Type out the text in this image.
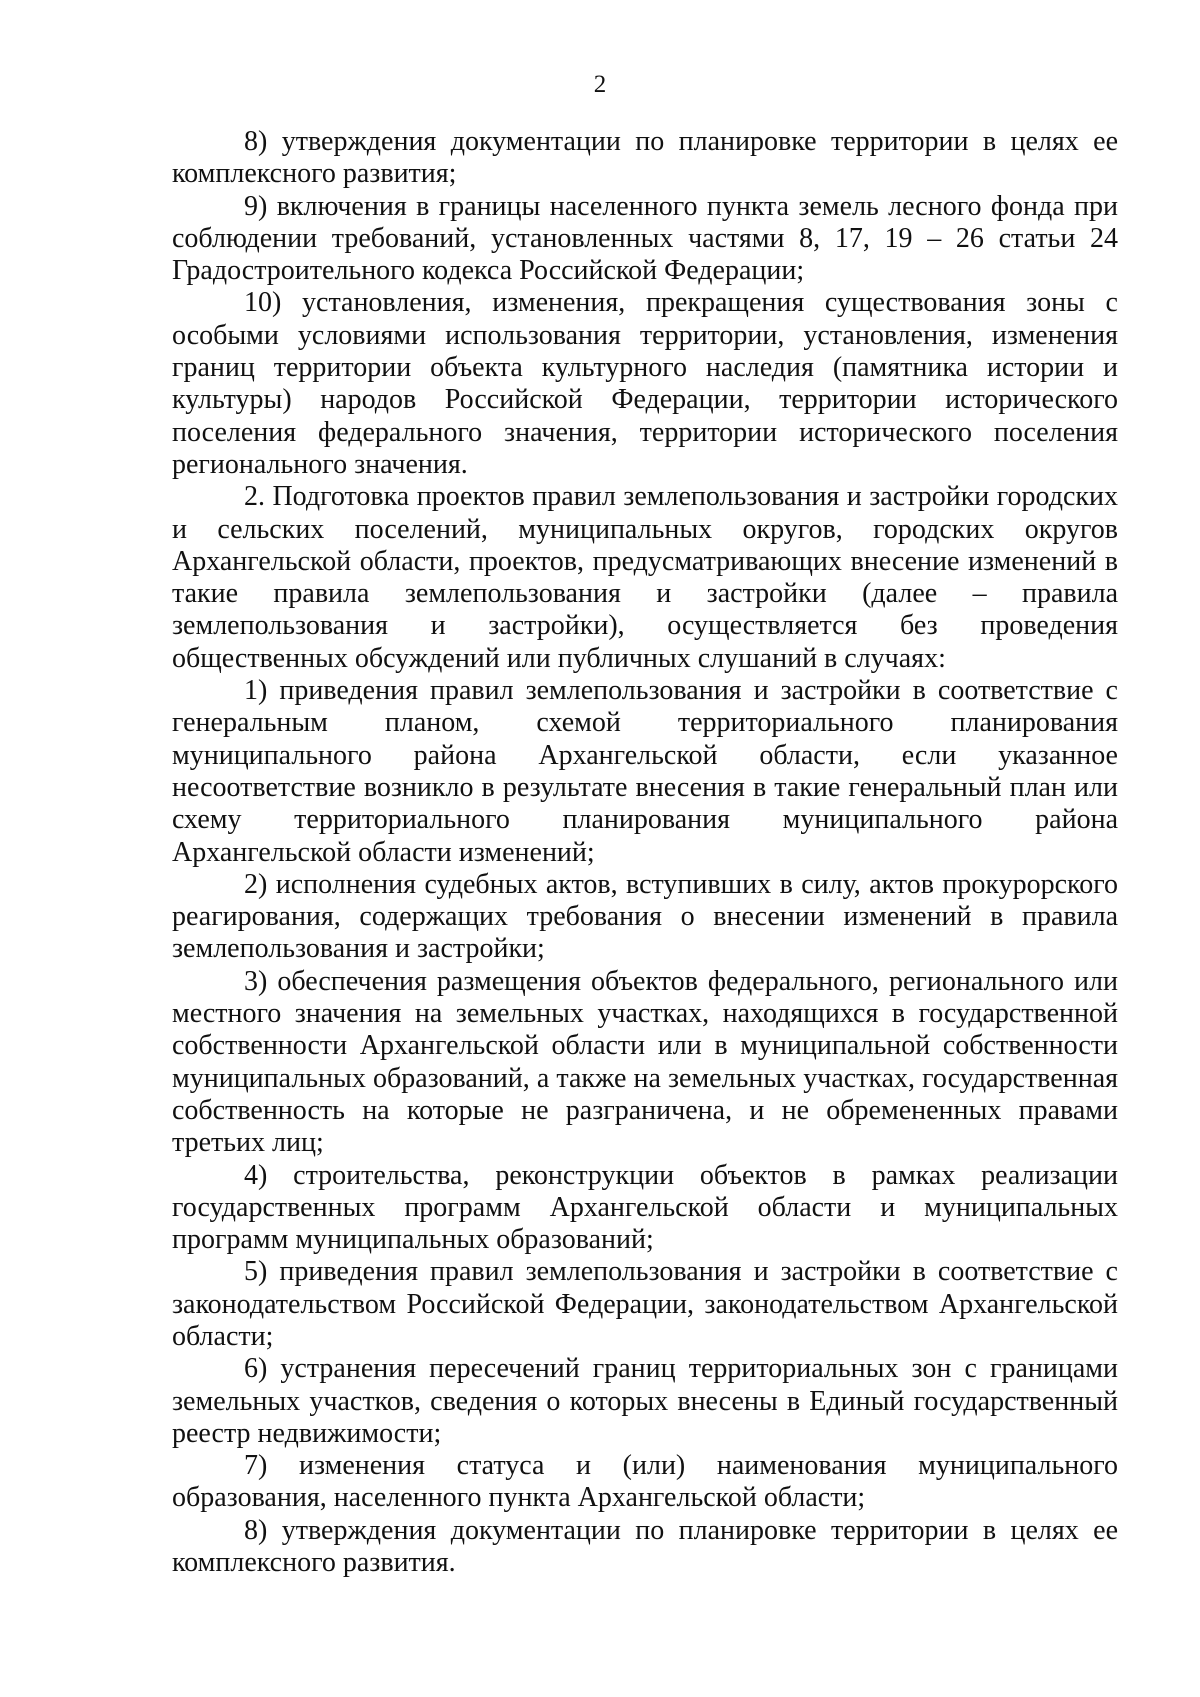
2

8) утверждения документации по планировке территории в целях ее комплексного развития;

9) включения в границы населенного пункта земель лесного фонда при соблюдении требований, установленных частями 8, 17, 19 – 26 статьи 24 Градостроительного кодекса Российской Федерации;

10) установления, изменения, прекращения существования зоны с особыми условиями использования территории, установления, изменения границ территории объекта культурного наследия (памятника истории и культуры) народов Российской Федерации, территории исторического поселения федерального значения, территории исторического поселения регионального значения.

2. Подготовка проектов правил землепользования и застройки городских и сельских поселений, муниципальных округов, городских округов Архангельской области, проектов, предусматривающих внесение изменений в такие правила землепользования и застройки (далее – правила землепользования и застройки), осуществляется без проведения общественных обсуждений или публичных слушаний в случаях:

1) приведения правил землепользования и застройки в соответствие с генеральным планом, схемой территориального планирования муниципального района Архангельской области, если указанное несоответствие возникло в результате внесения в такие генеральный план или схему территориального планирования муниципального района Архангельской области изменений;

2) исполнения судебных актов, вступивших в силу, актов прокурорского реагирования, содержащих требования о внесении изменений в правила землепользования и застройки;

3) обеспечения размещения объектов федерального, регионального или местного значения на земельных участках, находящихся в государственной собственности Архангельской области или в муниципальной собственности муниципальных образований, а также на земельных участках, государственная собственность на которые не разграничена, и не обремененных правами третьих лиц;

4) строительства, реконструкции объектов в рамках реализации государственных программ Архангельской области и муниципальных программ муниципальных образований;

5) приведения правил землепользования и застройки в соответствие с законодательством Российской Федерации, законодательством Архангельской области;

6) устранения пересечений границ территориальных зон с границами земельных участков, сведения о которых внесены в Единый государственный реестр недвижимости;

7) изменения статуса и (или) наименования муниципального образования, населенного пункта Архангельской области;

8) утверждения документации по планировке территории в целях ее комплексного развития.
